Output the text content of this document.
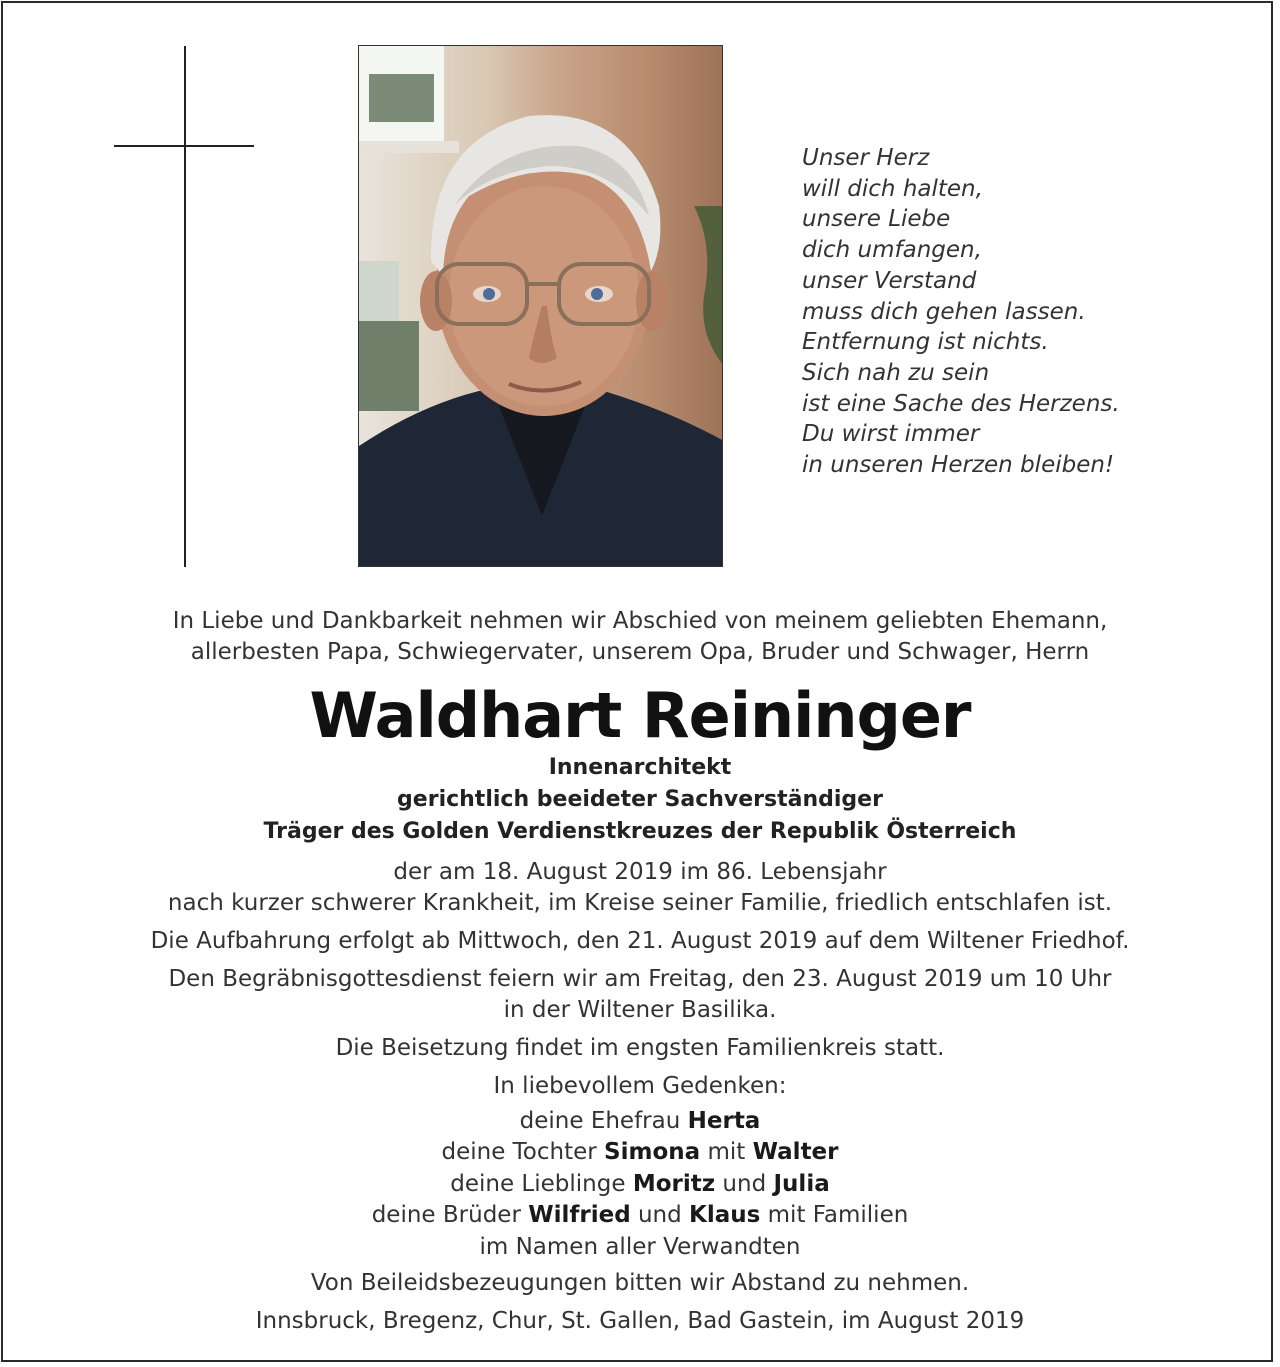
Unser Herz
will dich halten,
unsere Liebe
dich umfangen,
unser Verstand
muss dich gehen lassen.
Entfernung ist nichts.
Sich nah zu sein
ist eine Sache des Herzens.
Du wirst immer
in unseren Herzen bleiben!
In Liebe und Dankbarkeit nehmen wir Abschied von meinem geliebten Ehemann,
allerbesten Papa, Schwiegervater, unserem Opa, Bruder und Schwager, Herrn
Waldhart Reininger
Innenarchitekt
gerichtlich beeideter Sachverständiger
Träger des Golden Verdienstkreuzes der Republik Österreich
der am 18. August 2019 im 86. Lebensjahr
nach kurzer schwerer Krankheit, im Kreise seiner Familie, friedlich entschlafen ist.
Die Aufbahrung erfolgt ab Mittwoch, den 21. August 2019 auf dem Wiltener Friedhof.
Den Begräbnisgottesdienst feiern wir am Freitag, den 23. August 2019 um 10 Uhr
in der Wiltener Basilika.
Die Beisetzung findet im engsten Familienkreis statt.
In liebevollem Gedenken:
deine Ehefrau Herta
deine Tochter Simona mit Walter
deine Lieblinge Moritz und Julia
deine Brüder Wilfried und Klaus mit Familien
im Namen aller Verwandten
Von Beileidsbezeugungen bitten wir Abstand zu nehmen.
Innsbruck, Bregenz, Chur, St. Gallen, Bad Gastein, im August 2019
